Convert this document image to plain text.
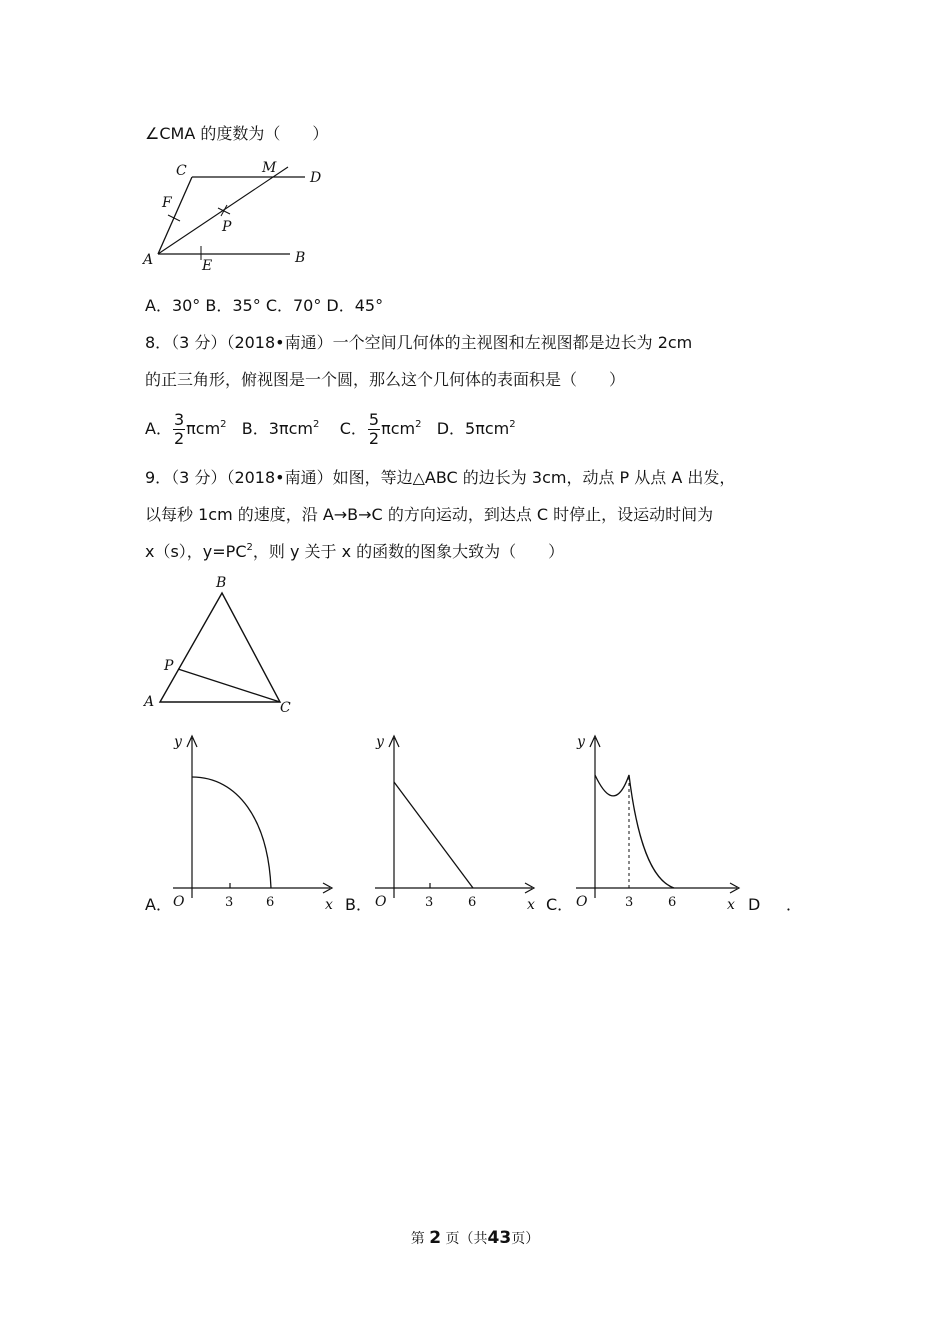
∠CMA 的度数为（　　）
C	M
D
F
P
A	E	B
A．30° B．35° C．70° D．45°
8．（3 分）（2018•南通）一个空间几何体的主视图和左视图都是边长为 2cm
的正三角形，俯视图是一个圆，那么这个几何体的表面积是（　　）
A． $\frac{3}{2} \pi cm^2$ B．3πcm$^2$ C． $\frac{5}{2} \pi cm^2$ D．5πcm$^2$
9．（3 分）（2018•南通）如图，等边△ABC 的边长为 3cm，动点 P 从点 A 出发，
以每秒 1cm 的速度，沿 A→B→C 的方向运动，到达点 C 时停止，设运动时间为
x（s），$y=PC^2$，则 y 关于 x 的函数的图象大致为（　　）
B
P
A	C
y
O	3	6	x
y
O	3	6	x
y
O	3	6	x
A．	B．	C．	D ．
第 2 页（共43页）
